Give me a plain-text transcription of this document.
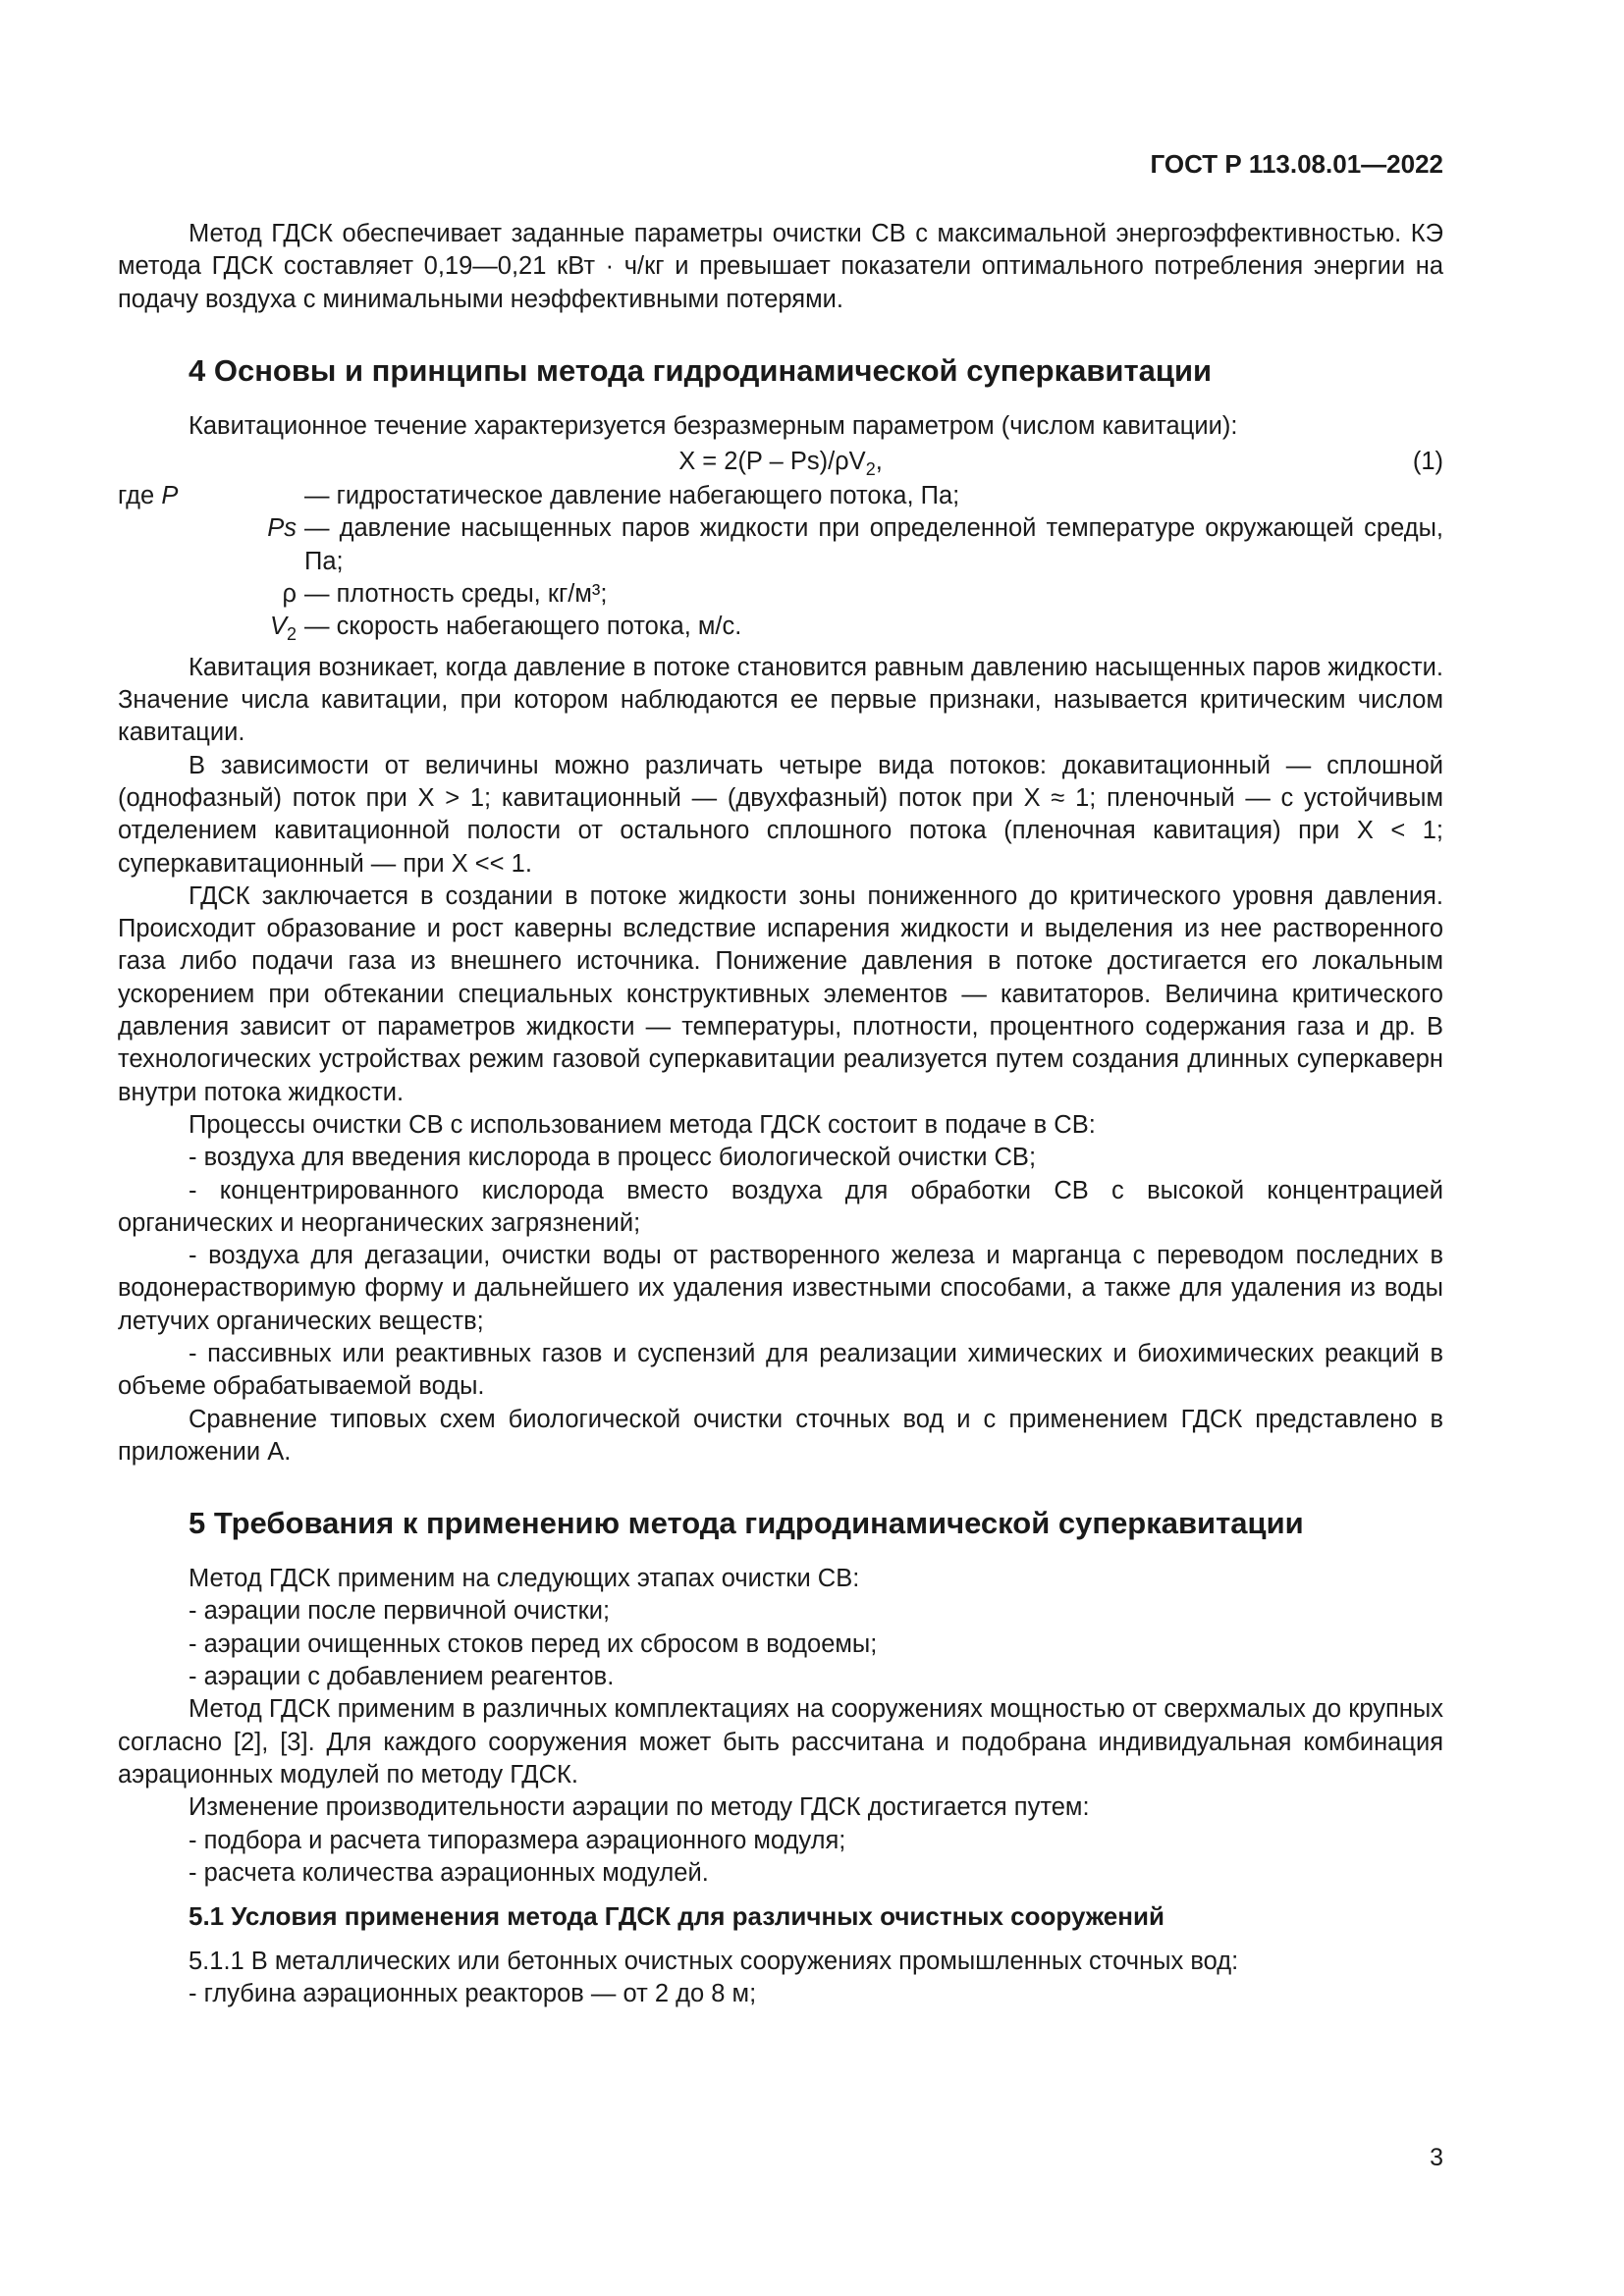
ГОСТ Р 113.08.01—2022

Метод ГДСК обеспечивает заданные параметры очистки СВ с максимальной энергоэффективностью. КЭ метода ГДСК составляет 0,19—0,21 кВт · ч/кг и превышает показатели оптимального потребления энергии на подачу воздуха с минимальными неэффективными потерями.

4 Основы и принципы метода гидродинамической суперкавитации

Кавитационное течение характеризуется безразмерным параметром (числом кавитации):

$X = 2(P - Ps)/\rho V_2$,	(1)
где P	— гидростатическое давление набегающего потока, Па;
Ps — давление насыщенных паров жидкости при определенной температуре окружающей среды, Па;
ρ — плотность среды, кг/м³;
$V_2$ — скорость набегающего потока, м/с.

Кавитация возникает, когда давление в потоке становится равным давлению насыщенных паров жидкости. Значение числа кавитации, при котором наблюдаются ее первые признаки, называется критическим числом кавитации.

В зависимости от величины можно различать четыре вида потоков: докавитационный — сплошной (однофазный) поток при X > 1; кавитационный — (двухфазный) поток при X ≈ 1; пленочный — с устойчивым отделением кавитационной полости от остального сплошного потока (пленочная кавитация) при X < 1; суперкавитационный — при X << 1.

ГДСК заключается в создании в потоке жидкости зоны пониженного до критического уровня давления. Происходит образование и рост каверны вследствие испарения жидкости и выделения из нее растворенного газа либо подачи газа из внешнего источника. Понижение давления в потоке достигается его локальным ускорением при обтекании специальных конструктивных элементов — кавитаторов. Величина критического давления зависит от параметров жидкости — температуры, плотности, процентного содержания газа и др. В технологических устройствах режим газовой суперкавитации реализуется путем создания длинных суперкаверн внутри потока жидкости.

Процессы очистки СВ с использованием метода ГДСК состоит в подаче в СВ:

- воздуха для введения кислорода в процесс биологической очистки СВ;

- концентрированного кислорода вместо воздуха для обработки СВ с высокой концентрацией органических и неорганических загрязнений;

- воздуха для дегазации, очистки воды от растворенного железа и марганца с переводом последних в водонерастворимую форму и дальнейшего их удаления известными способами, а также для удаления из воды летучих органических веществ;

- пассивных или реактивных газов и суспензий для реализации химических и биохимических реакций в объеме обрабатываемой воды.

Сравнение типовых схем биологической очистки сточных вод и с применением ГДСК представлено в приложении А.

5 Требования к применению метода гидродинамической суперкавитации

Метод ГДСК применим на следующих этапах очистки СВ:

- аэрации после первичной очистки;

- аэрации очищенных стоков перед их сбросом в водоемы;

- аэрации с добавлением реагентов.

Метод ГДСК применим в различных комплектациях на сооружениях мощностью от сверхмалых до крупных согласно [2], [3]. Для каждого сооружения может быть рассчитана и подобрана индивидуальная комбинация аэрационных модулей по методу ГДСК.

Изменение производительности аэрации по методу ГДСК достигается путем:

- подбора и расчета типоразмера аэрационного модуля;

- расчета количества аэрационных модулей.

5.1 Условия применения метода ГДСК для различных очистных сооружений

5.1.1 В металлических или бетонных очистных сооружениях промышленных сточных вод:

- глубина аэрационных реакторов — от 2 до 8 м;

3
